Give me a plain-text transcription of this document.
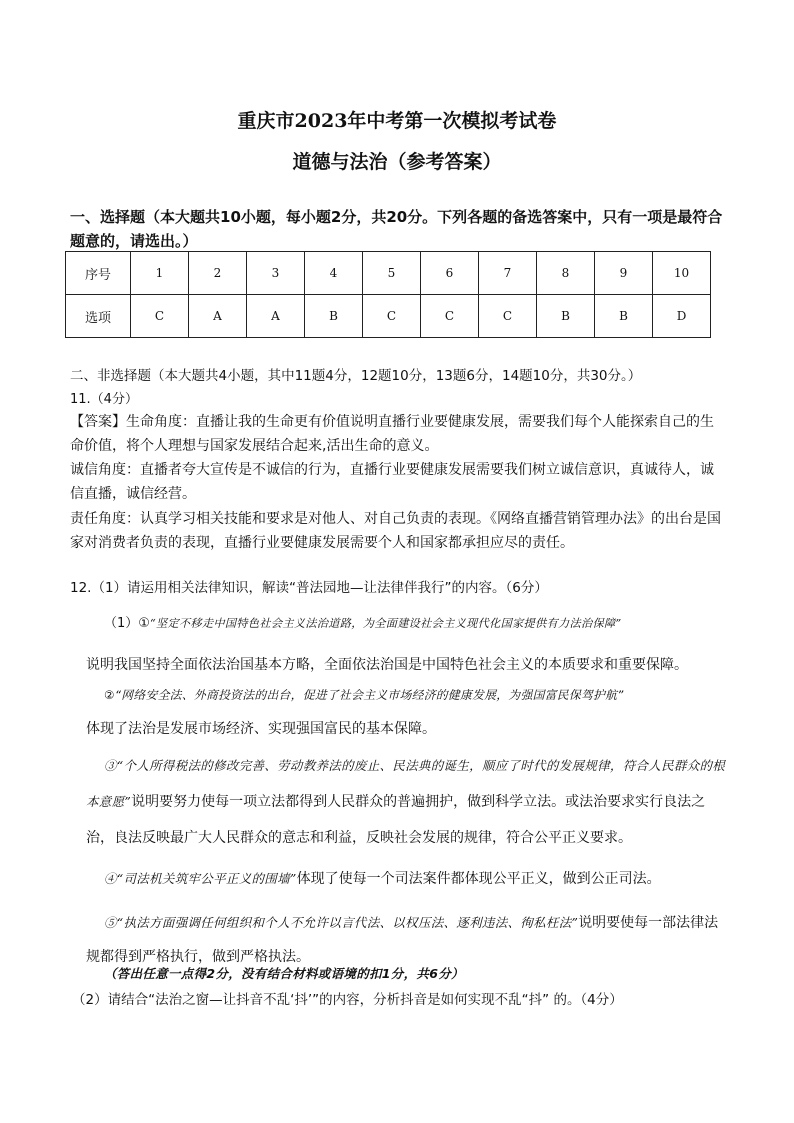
重庆市2023年中考第一次模拟考试卷
道德与法治（参考答案）
一、选择题（本大题共10小题，每小题2分，共20分。下列各题的备选答案中，只有一项是最符合题意的，请选出。）
序号	1	2	3	4	5	6	7	8	9	10
选项	C	A	A	B	C	C	C	B	B	D
二、非选择题（本大题共4小题，其中11题4分，12题10分，13题6分，14题10分，共30分。）
11.（4分）
【答案】生命角度：直播让我的生命更有价值说明直播行业要健康发展，需要我们每个人能探索自己的生命价值，将个人理想与国家发展结合起来,活出生命的意义。
诚信角度：直播者夸大宣传是不诚信的行为，直播行业要健康发展需要我们树立诚信意识，真诚待人，诚信直播，诚信经营。
责任角度：认真学习相关技能和要求是对他人、对自己负责的表现。《网络直播营销管理办法》的出台是国家对消费者负责的表现，直播行业要健康发展需要个人和国家都承担应尽的责任。
12.（1）请运用相关法律知识，解读“普法园地—让法律伴我行”的内容。（6分）
（1）①“坚定不移走中国特色社会主义法治道路，为全面建设社会主义现代化国家提供有力法治保障”
说明我国坚持全面依法治国基本方略，全面依法治国是中国特色社会主义的本质要求和重要保障。
②“网络安全法、外商投资法的出台，促进了社会主义市场经济的健康发展，为强国富民保驾护航”
体现了法治是发展市场经济、实现强国富民的基本保障。
③“个人所得税法的修改完善、劳动教养法的废止、民法典的诞生，顺应了时代的发展规律，符合人民群众的根本意愿”说明要努力使每一项立法都得到人民群众的普遍拥护，做到科学立法。或法治要求实行良法之治，良法反映最广大人民群众的意志和利益，反映社会发展的规律，符合公平正义要求。
④“司法机关筑牢公平正义的围墙”体现了使每一个司法案件都体现公平正义，做到公正司法。
⑤“执法方面强调任何组织和个人不允许以言代法、以权压法、逐利违法、徇私枉法”说明要使每一部法律法规都得到严格执行，做到严格执法。
（答出任意一点得2分，没有结合材料或语境的扣1分，共6分）
（2）请结合“法治之窗—让抖音不乱‘抖’”的内容，分析抖音是如何实现不乱“抖” 的。（4分）
